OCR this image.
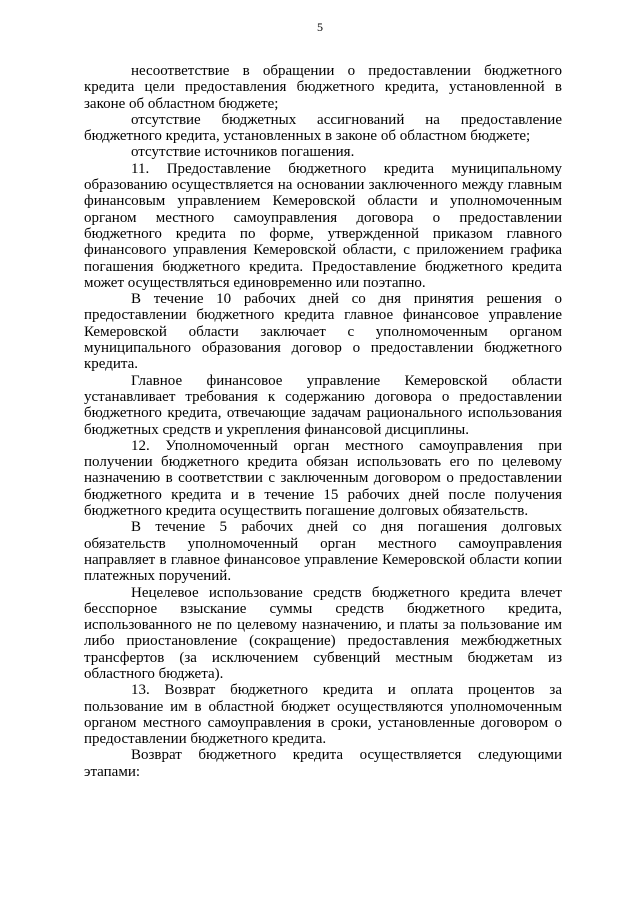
5

несоответствие в обращении о предоставлении бюджетного кредита цели предоставления бюджетного кредита, установленной в законе об областном бюджете;

отсутствие бюджетных ассигнований на предоставление бюджетного кредита, установленных в законе об областном бюджете;

отсутствие источников погашения.

11. Предоставление бюджетного кредита муниципальному образованию осуществляется на основании заключенного между главным финансовым управлением Кемеровской области и уполномоченным органом местного самоуправления договора о предоставлении бюджетного кредита по форме, утвержденной приказом главного финансового управления Кемеровской области, с приложением графика погашения бюджетного кредита. Предоставление бюджетного кредита может осуществляться единовременно или поэтапно.

В течение 10 рабочих дней со дня принятия решения о предоставлении бюджетного кредита главное финансовое управление Кемеровской области заключает с уполномоченным органом муниципального образования договор о предоставлении бюджетного кредита.

Главное финансовое управление Кемеровской области устанавливает требования к содержанию договора о предоставлении бюджетного кредита, отвечающие задачам рационального использования бюджетных средств и укрепления финансовой дисциплины.

12. Уполномоченный орган местного самоуправления при получении бюджетного кредита обязан использовать его по целевому назначению в соответствии с заключенным договором о предоставлении бюджетного кредита и в течение 15 рабочих дней после получения бюджетного кредита осуществить погашение долговых обязательств.

В течение 5 рабочих дней со дня погашения долговых обязательств уполномоченный орган местного самоуправления направляет в главное финансовое управление Кемеровской области копии платежных поручений.

Нецелевое использование средств бюджетного кредита влечет бесспорное взыскание суммы средств бюджетного кредита, использованного не по целевому назначению, и платы за пользование им либо приостановление (сокращение) предоставления межбюджетных трансфертов (за исключением субвенций местным бюджетам из областного бюджета).

13. Возврат бюджетного кредита и оплата процентов за пользование им в областной бюджет осуществляются уполномоченным органом местного самоуправления в сроки, установленные договором о предоставлении бюджетного кредита.

Возврат бюджетного кредита осуществляется следующими этапами:
